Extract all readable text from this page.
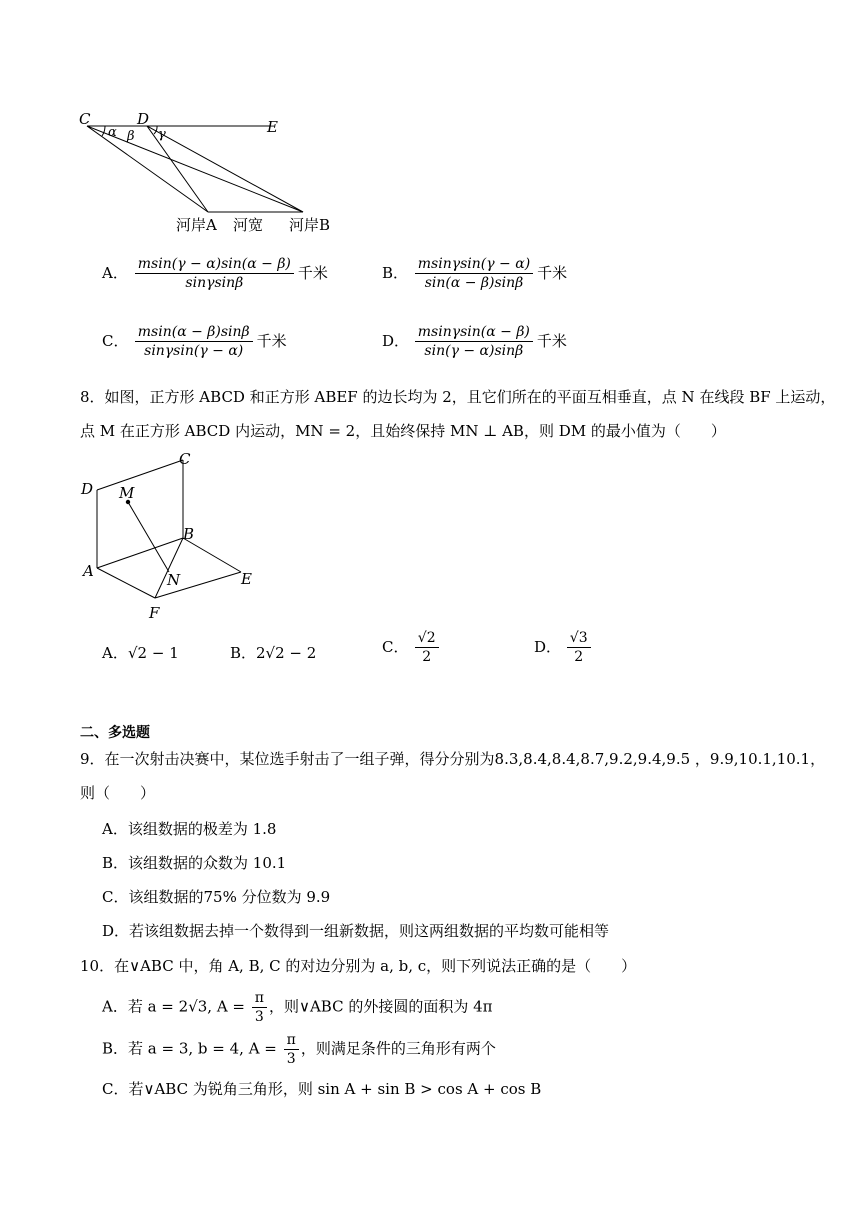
C	D	E
α β γ
河岸A 河宽 河岸B
A． $\frac{msin(\gamma - \alpha)\sin(\alpha - \beta)}{\sin\gamma\sin\beta}$ 千米	B． $\frac{msin\gamma\sin(\gamma - \alpha)}{\sin(\alpha - \beta)\sin\beta}$ 千米
C． $\frac{msin(\alpha - \beta)\sin\beta}{\sin\gamma\sin(\gamma - \alpha)}$ 千米	D． $\frac{msin\gamma\sin(\alpha - \beta)}{\sin(\gamma - \alpha)\sin\beta}$ 千米
8．如图，正方形 ABCD 和正方形 ABEF 的边长均为 2，且它们所在的平面互相垂直，点 N 在线段 BF 上运动，
点 M 在正方形 ABCD 内运动，MN = 2，且始终保持 MN ⊥ AB，则 DM 的最小值为（　　）
C
D M
B
A	N	E
F
A．√2 − 1	B．2√2 − 2	C． $\frac{√2}{2}$	D． $\frac{√3}{2}$
二、多选题
9．在一次射击决赛中，某位选手射击了一组子弹，得分分别为8.3,8.4,8.4,8.7,9.2,9.4,9.5 ，9.9,10.1,10.1，
则（　　）
A．该组数据的极差为 1.8
B．该组数据的众数为 10.1
C．该组数据的75% 分位数为 9.9
D．若该组数据去掉一个数得到一组新数据，则这两组数据的平均数可能相等
10．在∨ABC 中，角 A, B, C 的对边分别为 a, b, c，则下列说法正确的是（　　）
A．若 a = 2√3, $A = \frac{\pi}{3}$ ，则∨ABC 的外接圆的面积为 4π
B．若 a = 3, b = 4, $A = \frac{\pi}{3}$ ，则满足条件的三角形有两个
C．若∨ABC 为锐角三角形，则 sin A + sin B > cos A + cos B
